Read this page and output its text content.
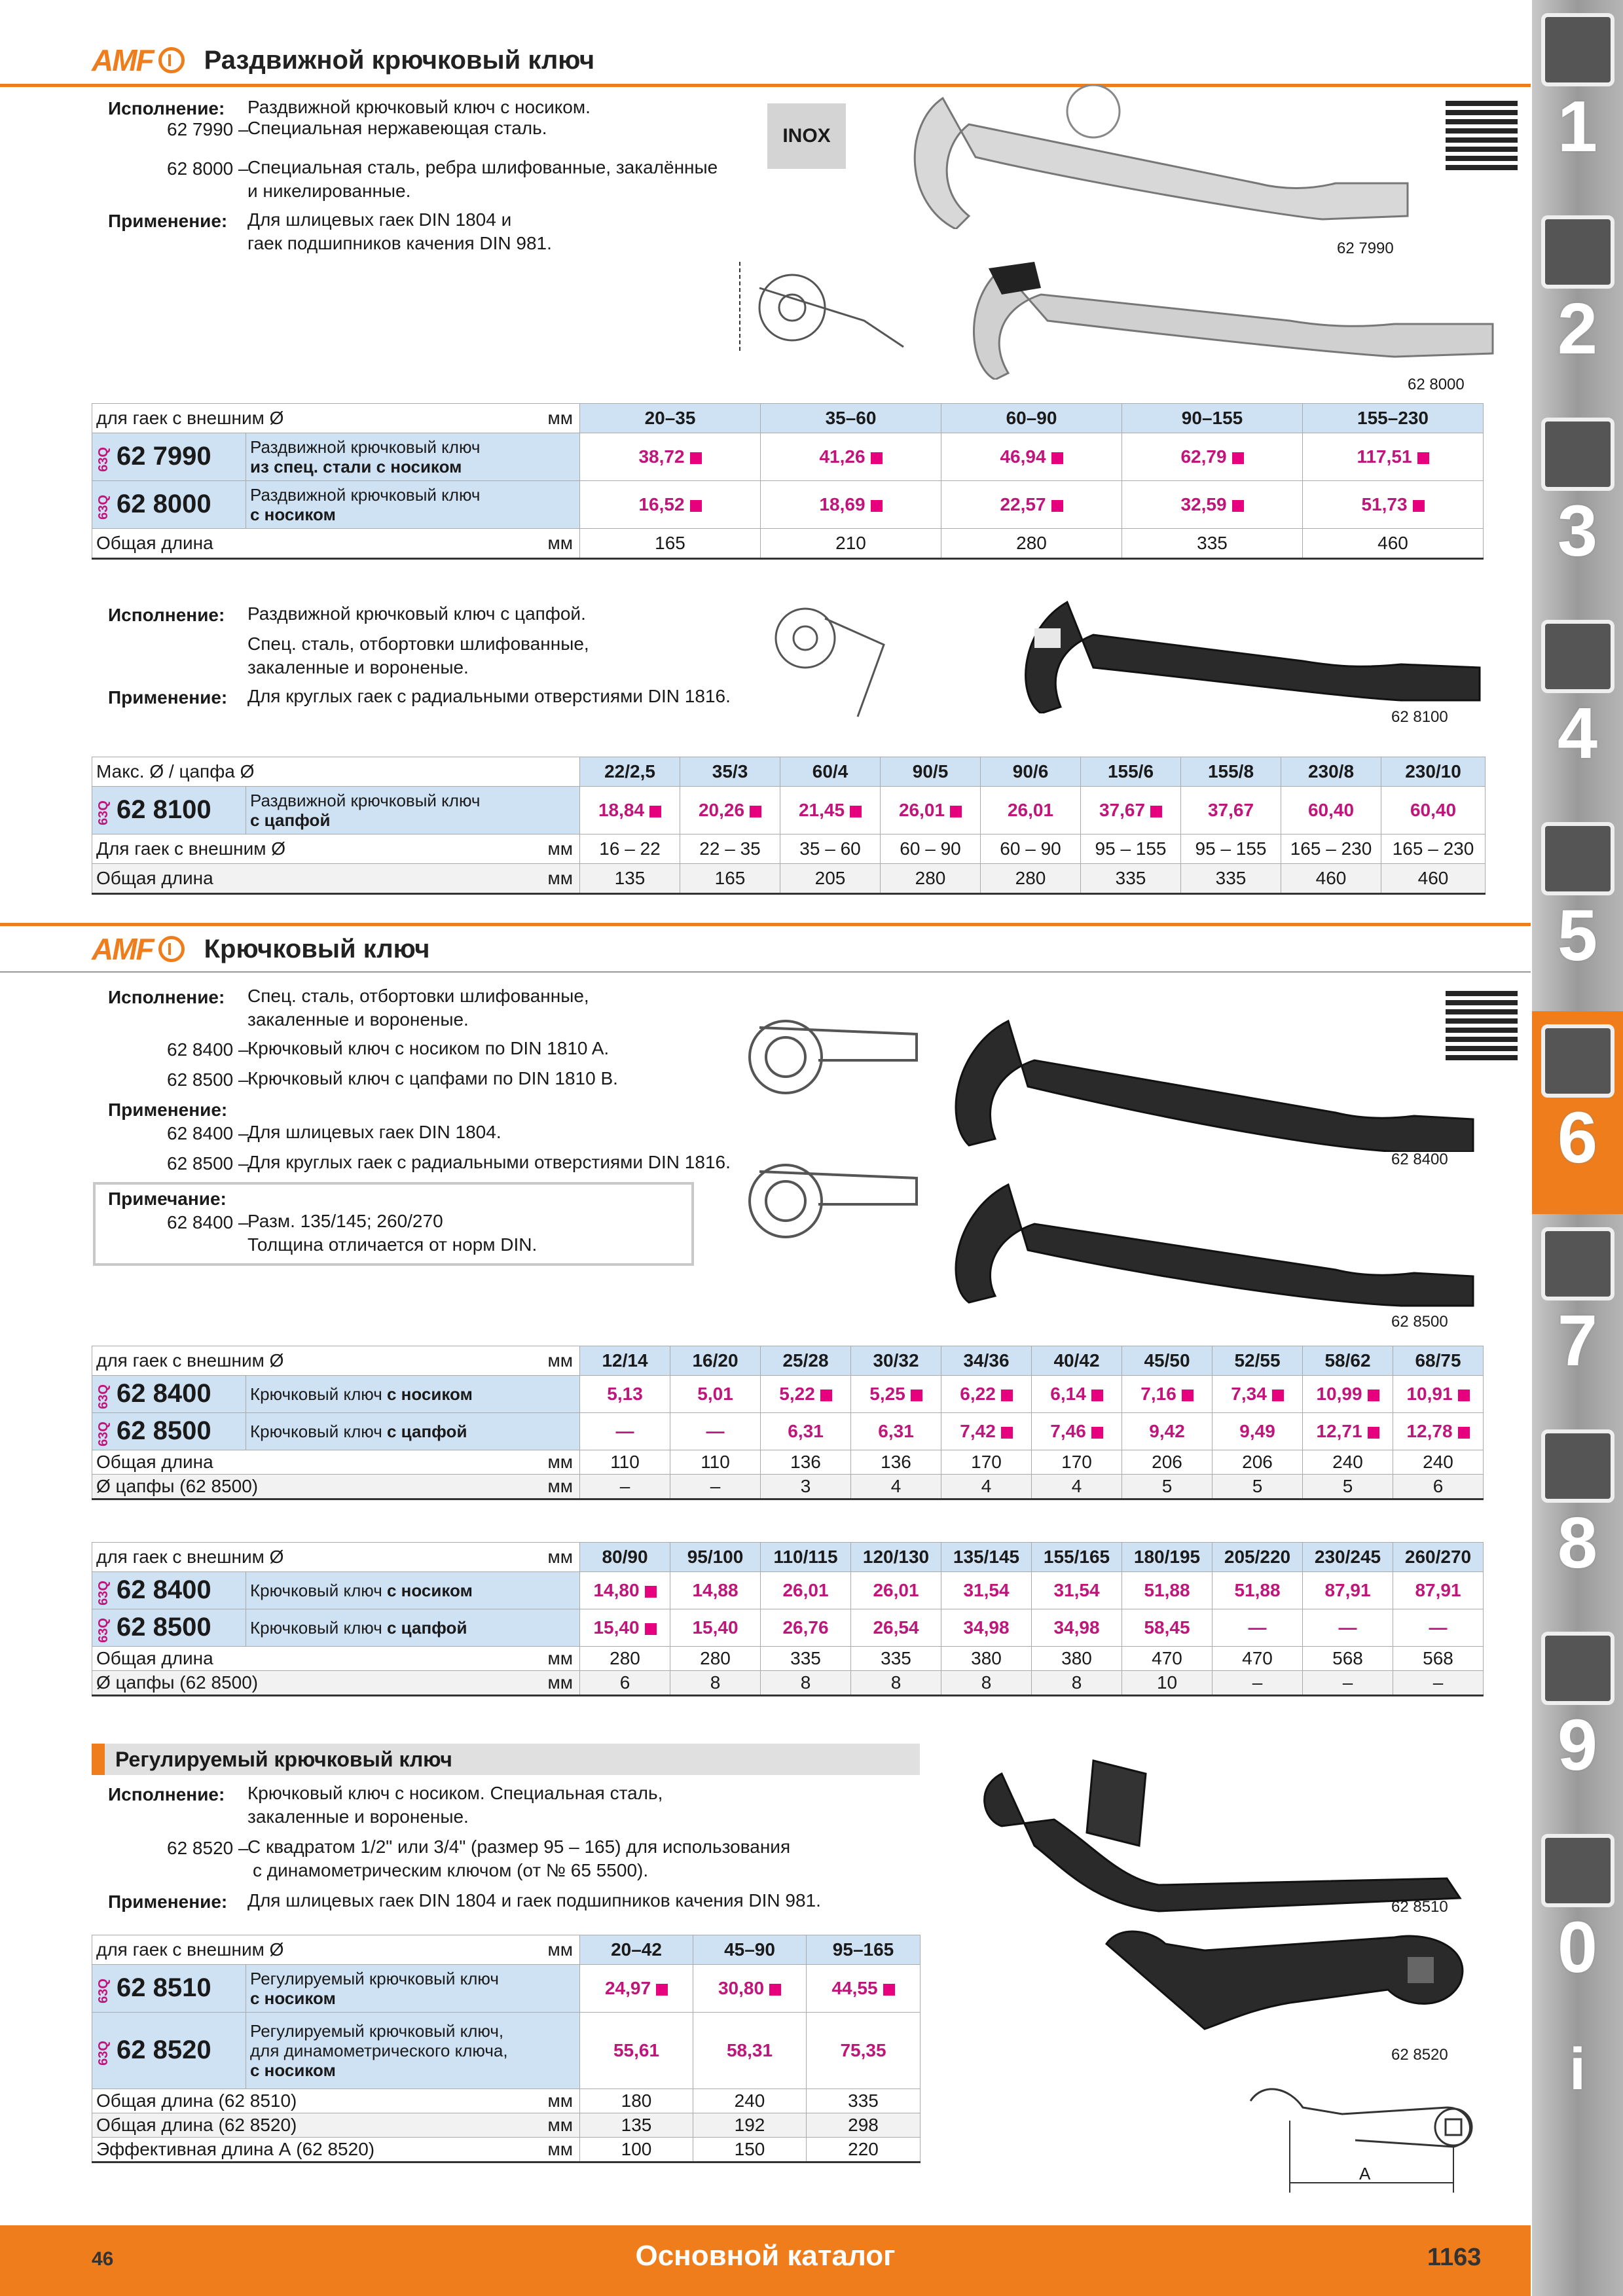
1
2
3
4
5
6
7
8
9
0
i
AMF Раздвижной крючковый ключ
Исполнение: Раздвижной крючковый ключ с носиком.
62 7990 –
Специальная нержавеющая сталь.
62 8000 –
Специальная сталь, ребра шлифованные, закалённые
и никелированные.
Применение: Для шлицевых гаек DIN 1804 и
гаек подшипников качения DIN 981.
INOX
62 7990
62 8000
для гаек с внешним Ø мм		20–35	35–60	60–90	90–155	155–230
63Q 62 7990	Раздвижной крючковый ключ
из спец. стали с носиком	38,72	41,26	46,94	62,79	117,51
63Q 62 8000	Раздвижной крючковый ключ
с носиком	16,52	18,69	22,57	32,59	51,73
Общая длина мм		165	210	280	335	460
Исполнение: Раздвижной крючковый ключ с цапфой.
Спец. сталь, отбортовки шлифованные,
закаленные и вороненые.
Применение: Для круглых гаек с радиальными отверстиями DIN 1816.
62 8100
Макс. Ø / цапфа Ø		22/2,5	35/3	60/4	90/5	90/6	155/6	155/8	230/8	230/10
63Q 62 8100	Раздвижной крючковый ключ
с цапфой	18,84	20,26	21,45	26,01	26,01	37,67	37,67	60,40	60,40
Для гаек с внешним Ø мм		16 – 22	22 – 35	35 – 60	60 – 90	60 – 90	95 – 155	95 – 155	165 – 230	165 – 230
Общая длина мм		135	165	205	280	280	335	335	460	460
AMF Крючковый ключ
Исполнение: Спец. сталь, отбортовки шлифованные,
закаленные и вороненые.
62 8400 –
Крючковый ключ с носиком по DIN 1810 A.
62 8500 –
Крючковый ключ с цапфами по DIN 1810 B.
Применение:
62 8400 –
Для шлицевых гаек DIN 1804.
62 8500 –
Для круглых гаек с радиальными отверстиями DIN 1816.
Примечание:
62 8400 –
Разм. 135/145; 260/270
Толщина отличается от норм DIN.
62 8400
62 8500
для гаек с внешним Ø мм		12/14	16/20	25/28	30/32	34/36	40/42	45/50	52/55	58/62	68/75
63Q 62 8400	Крючковый ключ с носиком	5,13	5,01	5,22	5,25	6,22	6,14	7,16	7,34	10,99	10,91
63Q 62 8500	Крючковый ключ с цапфой	—	—	6,31	6,31	7,42	7,46	9,42	9,49	12,71	12,78
Общая длина мм		110	110	136	136	170	170	206	206	240	240
Ø цапфы (62 8500) мм		–	–	3	4	4	4	5	5	5	6
для гаек с внешним Ø мм		80/90	95/100	110/115	120/130	135/145	155/165	180/195	205/220	230/245	260/270
63Q 62 8400	Крючковый ключ с носиком	14,80	14,88	26,01	26,01	31,54	31,54	51,88	51,88	87,91	87,91
63Q 62 8500	Крючковый ключ с цапфой	15,40	15,40	26,76	26,54	34,98	34,98	58,45	—	—	—
Общая длина мм		280	280	335	335	380	380	470	470	568	568
Ø цапфы (62 8500) мм		6	8	8	8	8	8	10	–	–	–
Регулируемый крючковый ключ
Исполнение: Крючковый ключ с носиком. Специальная сталь,
закаленные и вороненые.
62 8520 –
С квадратом 1/2" или 3/4" (размер 95 – 165) для использования
с динамометрическим ключом (от № 65 5500).
Применение: Для шлицевых гаек DIN 1804 и гаек подшипников качения DIN 981.	62 8510
62 8520
A
для гаек с внешним Ø мм		20–42	45–90	95–165
63Q 62 8510	Регулируемый крючковый ключ
с носиком	24,97	30,80	44,55
63Q 62 8520	Регулируемый крючковый ключ,
для динамометрического ключа,
с носиком	55,61	58,31	75,35
Общая длина (62 8510) мм		180	240	335
Общая длина (62 8520) мм		135	192	298
Эффективная длина А (62 8520) мм		100	150	220
46	Основной каталог	1163
